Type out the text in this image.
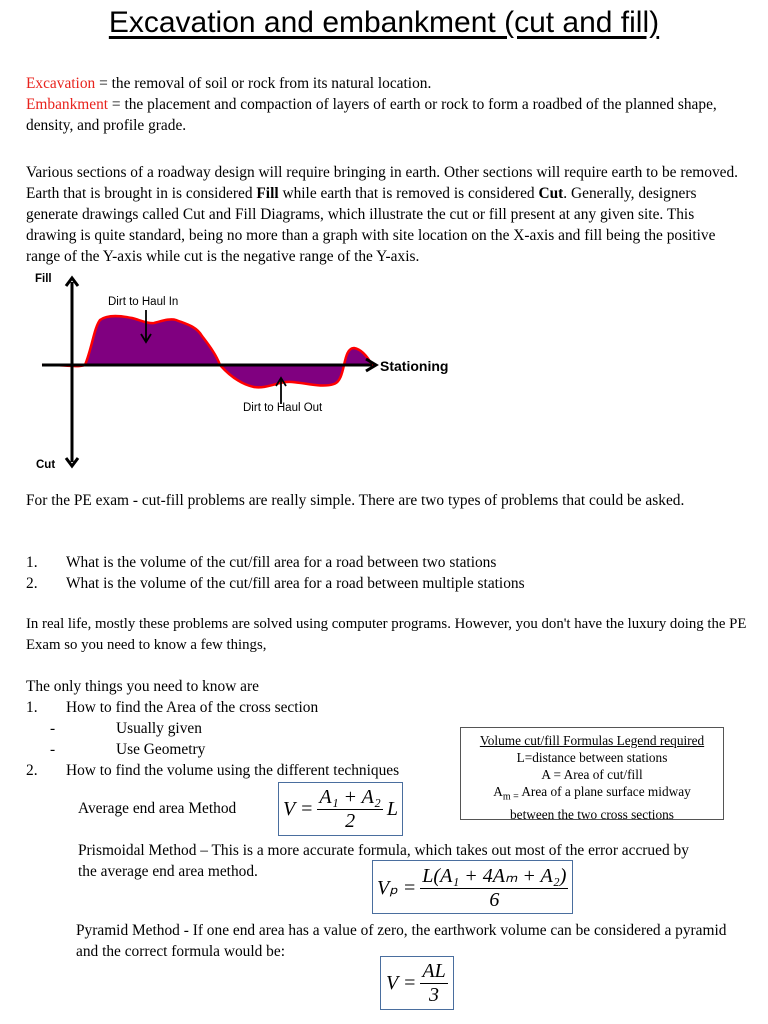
Excavation and embankment (cut and fill)
Excavation = the removal of soil or rock from its natural location.
Embankment = the placement and compaction of layers of earth or rock to form a roadbed of the planned shape, density, and profile grade.
Various sections of a roadway design will require bringing in earth. Other sections will require earth to be removed. Earth that is brought in is considered Fill while earth that is removed is considered Cut. Generally, designers generate drawings called Cut and Fill Diagrams, which illustrate the cut or fill present at any given site. This drawing is quite standard, being no more than a graph with site location on the X-axis and fill being the positive range of the Y-axis while cut is the negative range of the Y-axis.
Fill
Cut
Stationing
Dirt to Haul In
Dirt to Haul Out
For the PE exam - cut-fill problems are really simple. There are two types of problems that could be asked.
1. What is the volume of the cut/fill area for a road between two stations
2. What is the volume of the cut/fill area for a road between multiple stations
In real life, mostly these problems are solved using computer programs. However, you don't have the luxury doing the PE Exam so you need to know a few things,
The only things you need to know are
1. How to find the Area of the cross section
-	Usually given
-	Use Geometry
2. How to find the volume using the different techniques
Volume cut/fill Formulas Legend required
L=distance between stations
A = Area of cut/fill
$A_{m =}$ Area of a plane surface midway
between the two cross sections
Average end area Method $V = \frac{\text{A₁ + A₂}}{2}$ L
Prismoidal Method – This is a more accurate formula, which takes out most of the error accrued by the average end area method.
$V_p = \frac{\text{L(A₁ + 4Aₘ + A₂)}}{6}$
Pyramid Method - If one end area has a value of zero, the earthwork volume can be considered a pyramid and the correct formula would be:
$V = \frac{AL}{3}$
